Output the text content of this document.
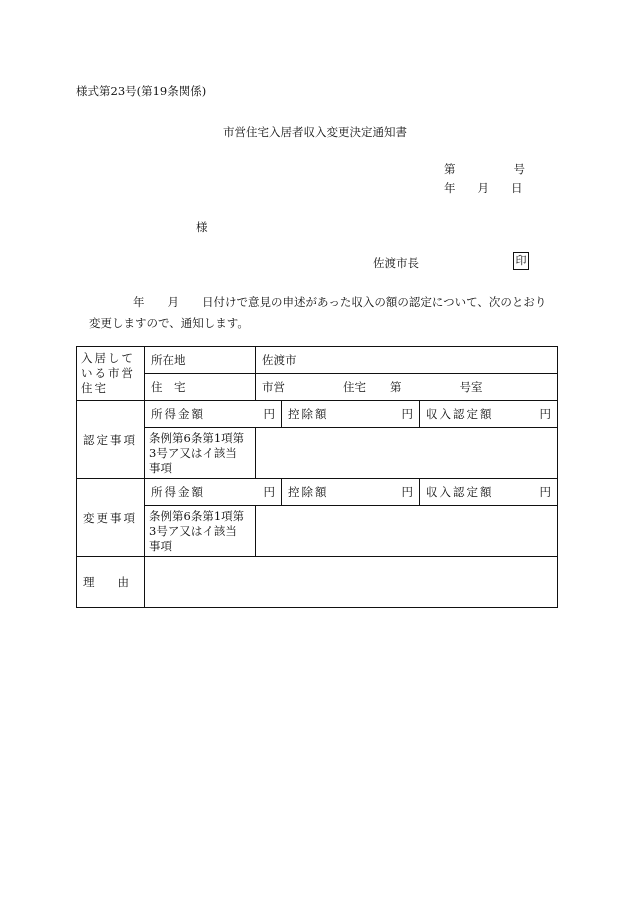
様式第23号(第19条関係)
市営住宅入居者収入変更決定通知書
第	号
年 月 日
様
佐渡市長	印
年　　月　　日付けで意見の申述があった収入の額の認定について、次のとおり
変更しますので、通知します。
入居している市営住宅	所在地	佐渡市		
	住　宅	市営 住宅 第 号室		
認定事項	所得金額 円		控除額 円	収入認定額 円

	条例第6条第1項第
3号ア又はイ該当
事項			

変更事項	所得金額 円		控除額 円	収入認定額 円

	条例第6条第1項第
3号ア又はイ該当
事項			

理　　由				
